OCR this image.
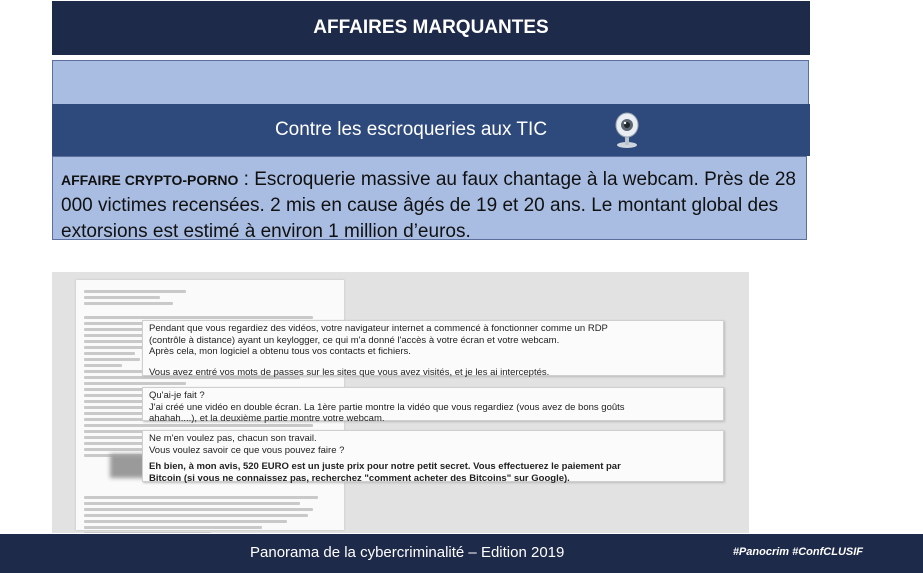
AFFAIRES MARQUANTES
Contre les escroqueries aux TIC
AFFAIRE CRYPTO-PORNO : Escroquerie massive au faux chantage à la webcam. Près de 28 000 victimes recensées. 2 mis en cause âgés de 19 et 20 ans. Le montant global des extorsions est estimé à environ 1 million d’euros.

Pendant que vous regardiez des vidéos, votre navigateur internet a commencé à fonctionner comme un RDP

(contrôle à distance) ayant un keylogger, ce qui m'a donné l'accès à votre écran et votre webcam.

Après cela, mon logiciel a obtenu tous vos contacts et fichiers.

Vous avez entré vos mots de passes sur les sites que vous avez visités, et je les ai interceptés.

Qu'ai-je fait ?

J'ai créé une vidéo en double écran. La 1ère partie montre la vidéo que vous regardiez (vous avez de bons goûts

ahahah....), et la deuxième partie montre votre webcam.

Ne m'en voulez pas, chacun son travail.

Vous voulez savoir ce que vous pouvez faire ?

Eh bien, à mon avis, 520 EURO est un juste prix pour notre petit secret. Vous effectuerez le paiement par

Bitcoin (si vous ne connaissez pas, recherchez "comment acheter des Bitcoins" sur Google).

Panorama de la cybercriminalité – Edition 2019	#Panocrim #ConfCLUSIF
